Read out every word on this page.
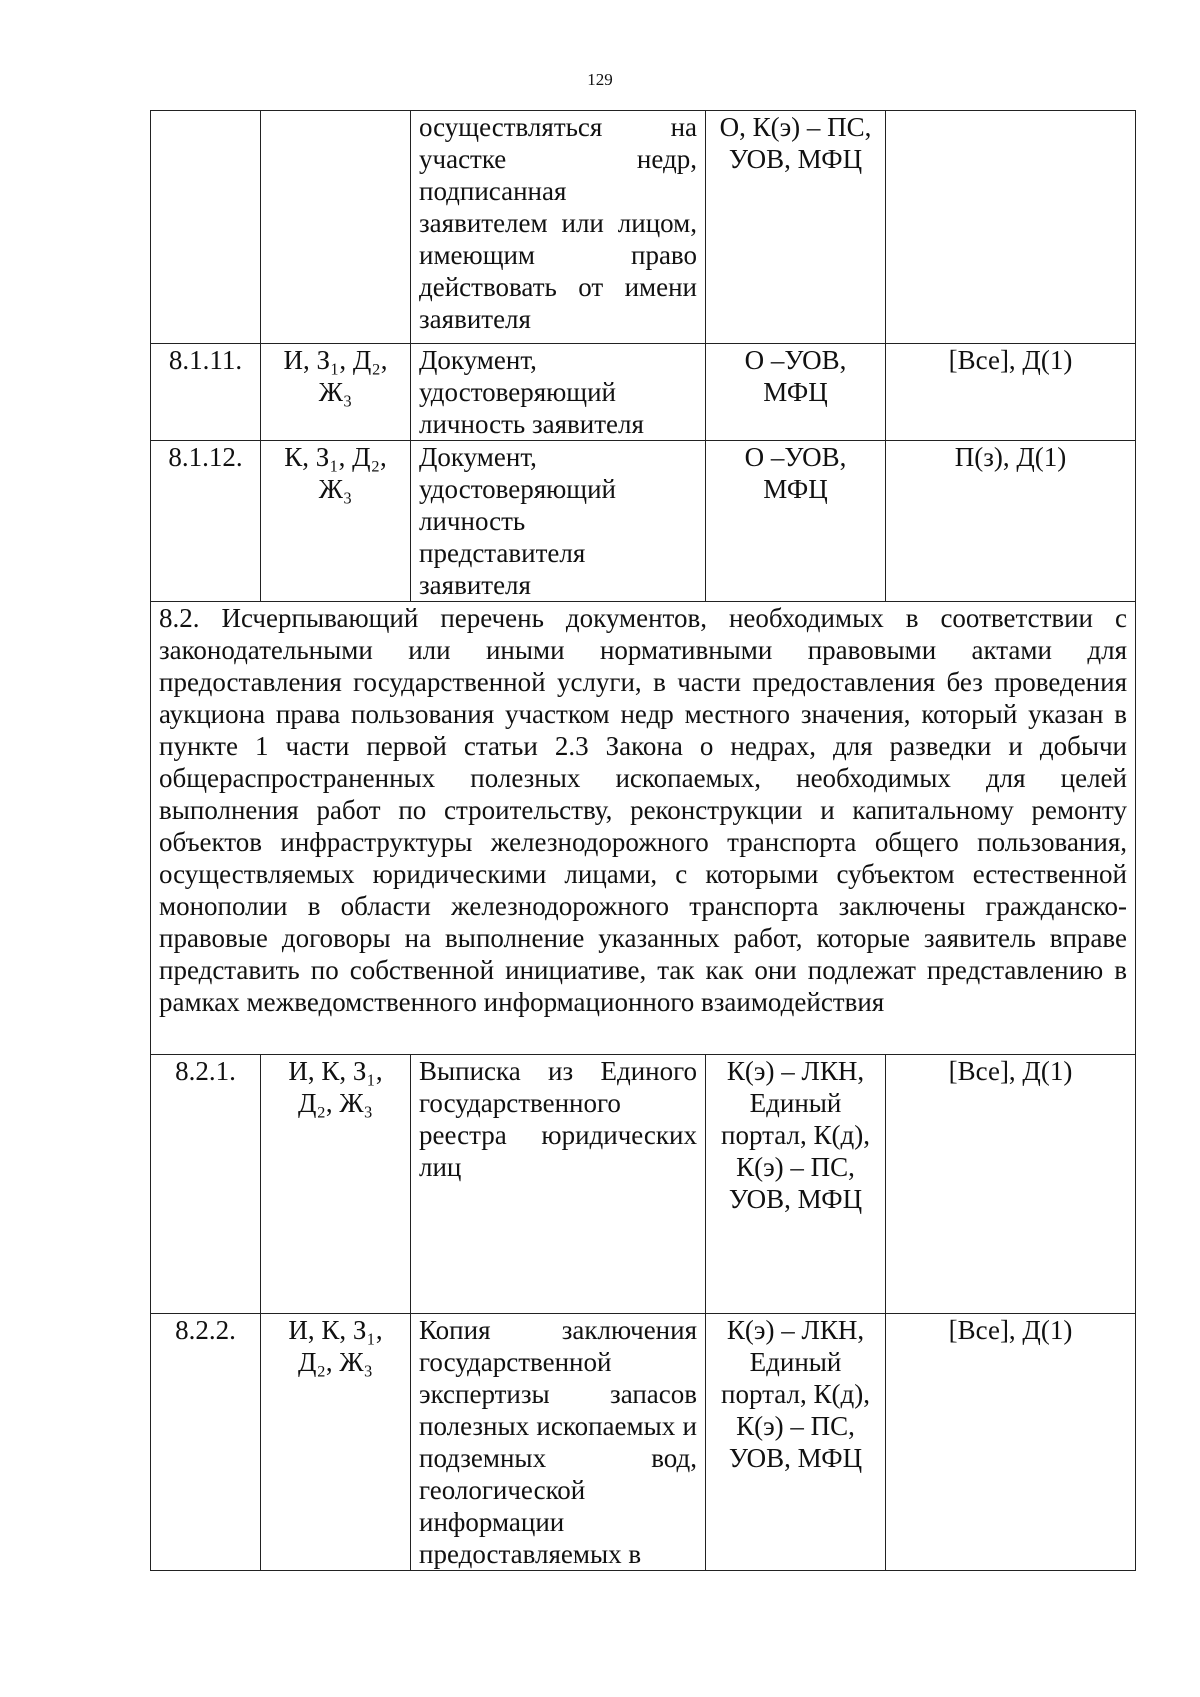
129
		осуществляться на участке недр, подписанная заявителем или лицом, имеющим право действовать от имени заявителя	О, К(э) – ПС, УОВ, МФЦ	
8.1.11.	И, З₁, Д₂, Ж₃	Документ, удостоверяющий личность заявителя	О –УОВ, МФЦ	[Все], Д(1)
8.1.12.	К, З₁, Д₂, Ж₃	Документ, удостоверяющий личность представителя заявителя	О –УОВ, МФЦ	П(з), Д(1)
8.2. Исчерпывающий перечень документов, необходимых в соответствии с законодательными или иными нормативными правовыми актами для предоставления государственной услуги, в части предоставления без проведения аукциона права пользования участком недр местного значения, который указан в пункте 1 части первой статьи 2.3 Закона о недрах, для разведки и добычи общераспространенных полезных ископаемых, необходимых для целей выполнения работ по строительству, реконструкции и капитальному ремонту объектов инфраструктуры железнодорожного транспорта общего пользования, осуществляемых юридическими лицами, с которыми субъектом естественной монополии в области железнодорожного транспорта заключены гражданско-правовые договоры на выполнение указанных работ, которые заявитель вправе представить по собственной инициативе, так как они подлежат представлению в рамках межведомственного информационного взаимодействия				
8.2.1.	И, К, З₁, Д₂, Ж₃	Выписка из Единого государственного реестра юридических лиц	К(э) – ЛКН, Единый портал, К(д), К(э) – ПС, УОВ, МФЦ	[Все], Д(1)
8.2.2.	И, К, З₁, Д₂, Ж₃	Копия заключения государственной экспертизы запасов полезных ископаемых и подземных вод, геологической информации предоставляемых в	К(э) – ЛКН, Единый портал, К(д), К(э) – ПС, УОВ, МФЦ	[Все], Д(1)
